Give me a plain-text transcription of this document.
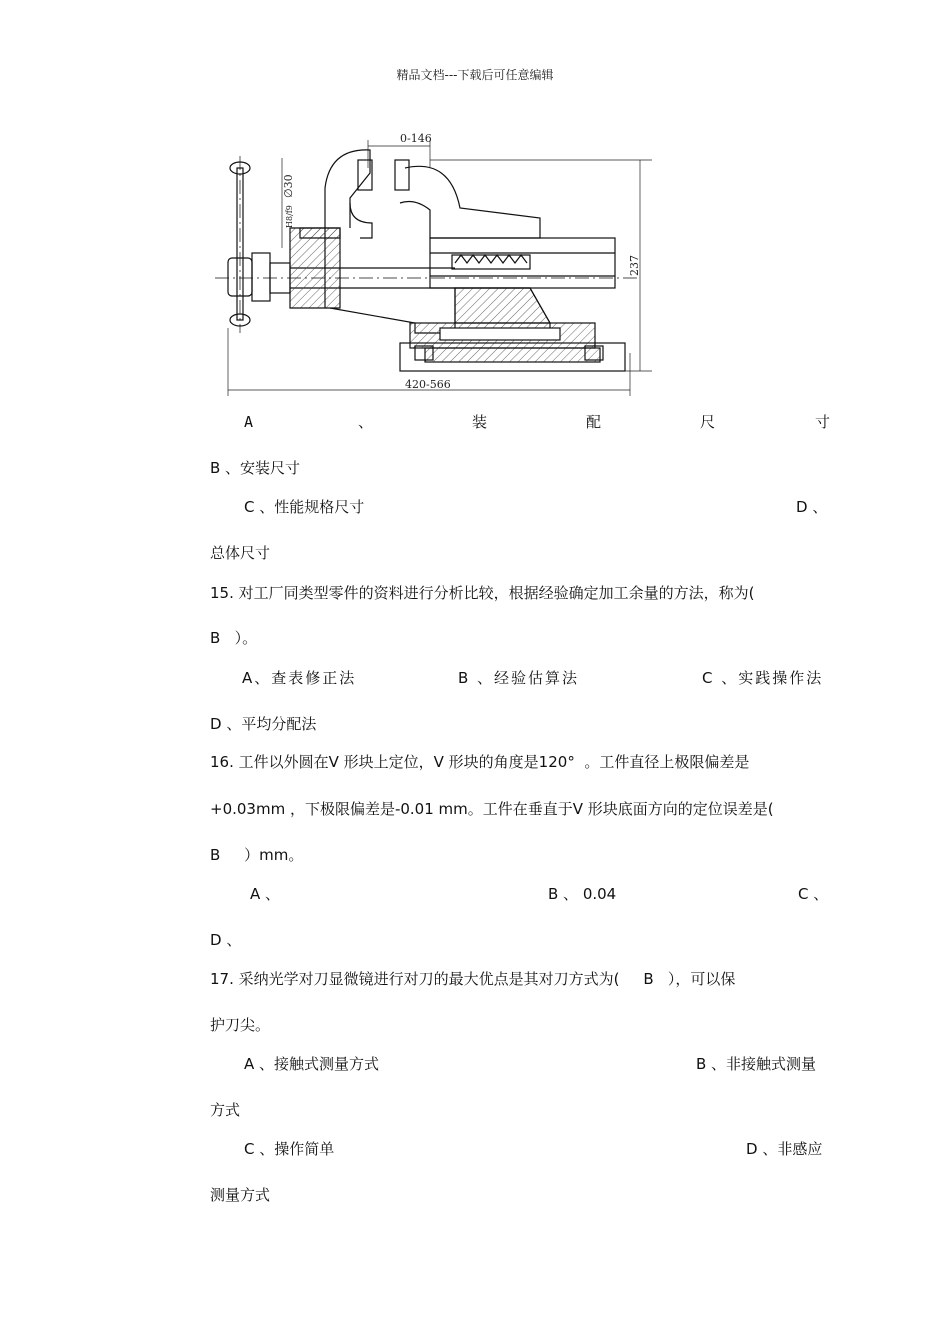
精品文档---下载后可任意编辑
0-146
∅30
H8/f9
237
420-566
A	、	装	配	尺	寸
B 、安装尺寸
C 、性能规格尺寸	D 、
总体尺寸
15. 对工厂同类型零件的资料进行分析比较，根据经验确定加工余量的方法，称为(
B   ）。
A、查表修正法	B 、经验估算法	C 、实践操作法
D 、平均分配法
16. 工件以外圆在V 形块上定位，V 形块的角度是120°  。工件直径上极限偏差是
+0.03mm ，下极限偏差是-0.01 mm。工件在垂直于V 形块底面方向的定位误差是(
B     ）mm。
A 、	B 、 0.04	C 、
D 、
17. 采纳光学对刀显微镜进行对刀的最大优点是其对刀方式为(     B   ），可以保
护刀尖。
A 、接触式测量方式	B 、非接触式测量
方式
C 、操作简单	D 、非感应
测量方式
